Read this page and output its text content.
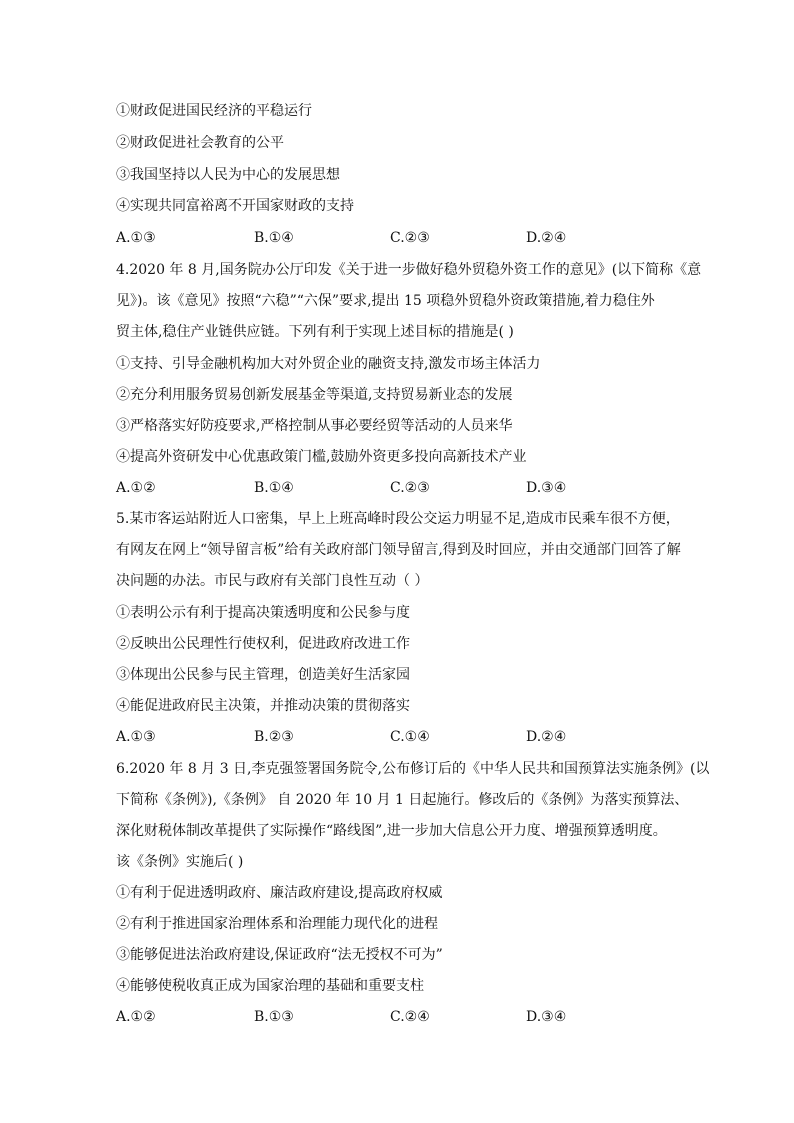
①财政促进国民经济的平稳运行
②财政促进社会教育的公平
③我国坚持以人民为中心的发展思想
④实现共同富裕离不开国家财政的支持
A.①③	B.①④	C.②③	D.②④
4.2020 年 8 月,国务院办公厅印发《关于进一步做好稳外贸稳外资工作的意见》(以下简称《意
见》)。该《意见》按照“六稳”“六保”要求,提出 15 项稳外贸稳外资政策措施,着力稳住外
贸主体,稳住产业链供应链。下列有利于实现上述目标的措施是( )
①支持、引导金融机构加大对外贸企业的融资支持,激发市场主体活力
②充分利用服务贸易创新发展基金等渠道,支持贸易新业态的发展
③严格落实好防疫要求,严格控制从事必要经贸等活动的人员来华
④提高外资研发中心优惠政策门槛,鼓励外资更多投向高新技术产业
A.①②	B.①④	C.②③	D.③④
5.某市客运站附近人口密集，早上上班高峰时段公交运力明显不足,造成市民乘车很不方便，
有网友在网上“领导留言板”给有关政府部门领导留言,得到及时回应，并由交通部门回答了解
决问题的办法。市民与政府有关部门良性互动（ ）
①表明公示有利于提高决策透明度和公民参与度
②反映出公民理性行使权利，促进政府改进工作
③体现出公民参与民主管理，创造美好生活家园
④能促进政府民主决策，并推动决策的贯彻落实
A.①③	B.②③	C.①④	D.②④
6.2020 年 8 月 3 日,李克强签署国务院令,公布修订后的《中华人民共和国预算法实施条例》(以
下简称《条例》),《条例》 自 2020 年 10 月 1 日起施行。修改后的《条例》为落实预算法、
深化财税体制改革提供了实际操作“路线图”,进一步加大信息公开力度、增强预算透明度。
该《条例》实施后( )
①有利于促进透明政府、廉洁政府建设,提高政府权威
②有利于推进国家治理体系和治理能力现代化的进程
③能够促进法治政府建设,保证政府“法无授权不可为”
④能够使税收真正成为国家治理的基础和重要支柱
A.①②	B.①③	C.②④	D.③④
